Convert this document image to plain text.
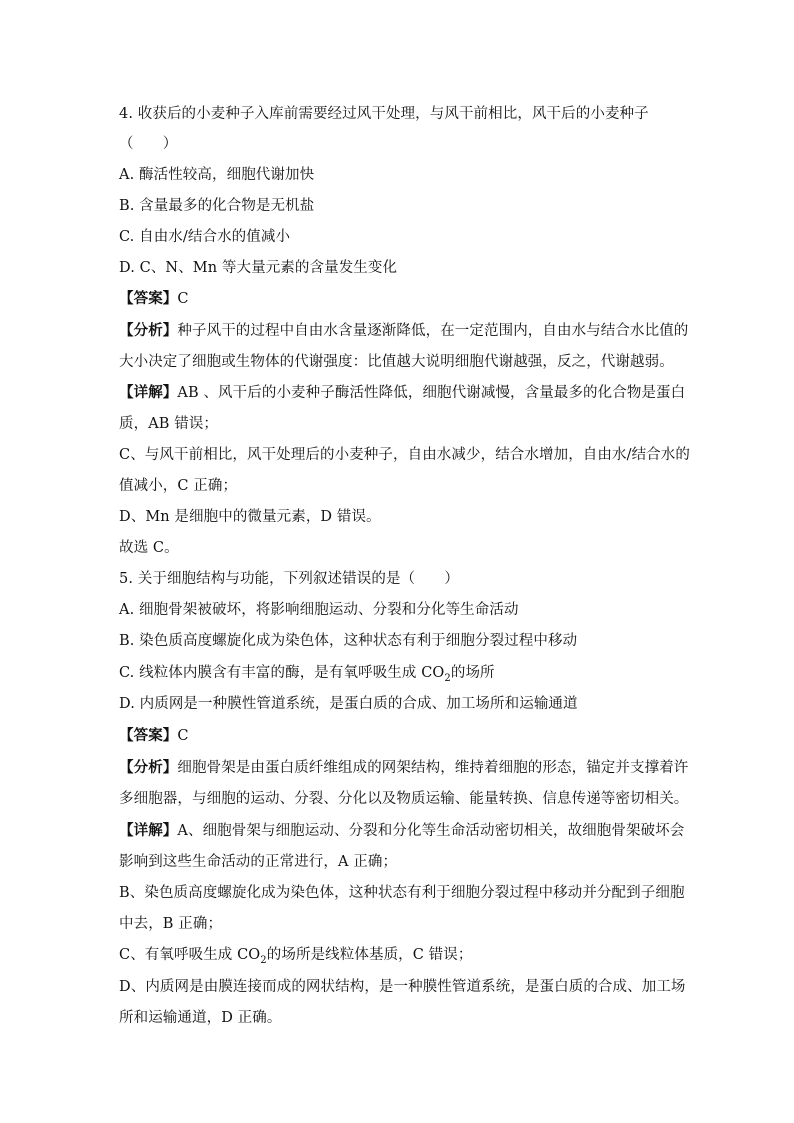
4. 收获后的小麦种子入库前需要经过风干处理，与风干前相比，风干后的小麦种子
（　　）
A. 酶活性较高，细胞代谢加快
B. 含量最多的化合物是无机盐
C. 自由水/结合水的值减小
D. C、N、Mn 等大量元素的含量发生变化
【答案】C
【分析】种子风干的过程中自由水含量逐渐降低，在一定范围内，自由水与结合水比值的
大小决定了细胞或生物体的代谢强度：比值越大说明细胞代谢越强，反之，代谢越弱。
【详解】AB 、风干后的小麦种子酶活性降低，细胞代谢减慢，含量最多的化合物是蛋白
质，AB 错误；
C、与风干前相比，风干处理后的小麦种子，自由水减少，结合水增加，自由水/结合水的
值减小，C 正确；
D、Mn 是细胞中的微量元素，D 错误。
故选 C。
5. 关于细胞结构与功能，下列叙述错误的是（　　）
A. 细胞骨架被破坏，将影响细胞运动、分裂和分化等生命活动
B. 染色质高度螺旋化成为染色体，这种状态有利于细胞分裂过程中移动
C. 线粒体内膜含有丰富的酶，是有氧呼吸生成 $CO_2$的场所
D. 内质网是一种膜性管道系统，是蛋白质的合成、加工场所和运输通道
【答案】C
【分析】细胞骨架是由蛋白质纤维组成的网架结构，维持着细胞的形态，锚定并支撑着许
多细胞器，与细胞的运动、分裂、分化以及物质运输、能量转换、信息传递等密切相关。
【详解】A、细胞骨架与细胞运动、分裂和分化等生命活动密切相关，故细胞骨架破坏会
影响到这些生命活动的正常进行，A 正确；
B、染色质高度螺旋化成为染色体，这种状态有利于细胞分裂过程中移动并分配到子细胞
中去，B 正确；
C、有氧呼吸生成 $CO_2$的场所是线粒体基质，C 错误；
D、内质网是由膜连接而成的网状结构，是一种膜性管道系统，是蛋白质的合成、加工场
所和运输通道，D 正确。
